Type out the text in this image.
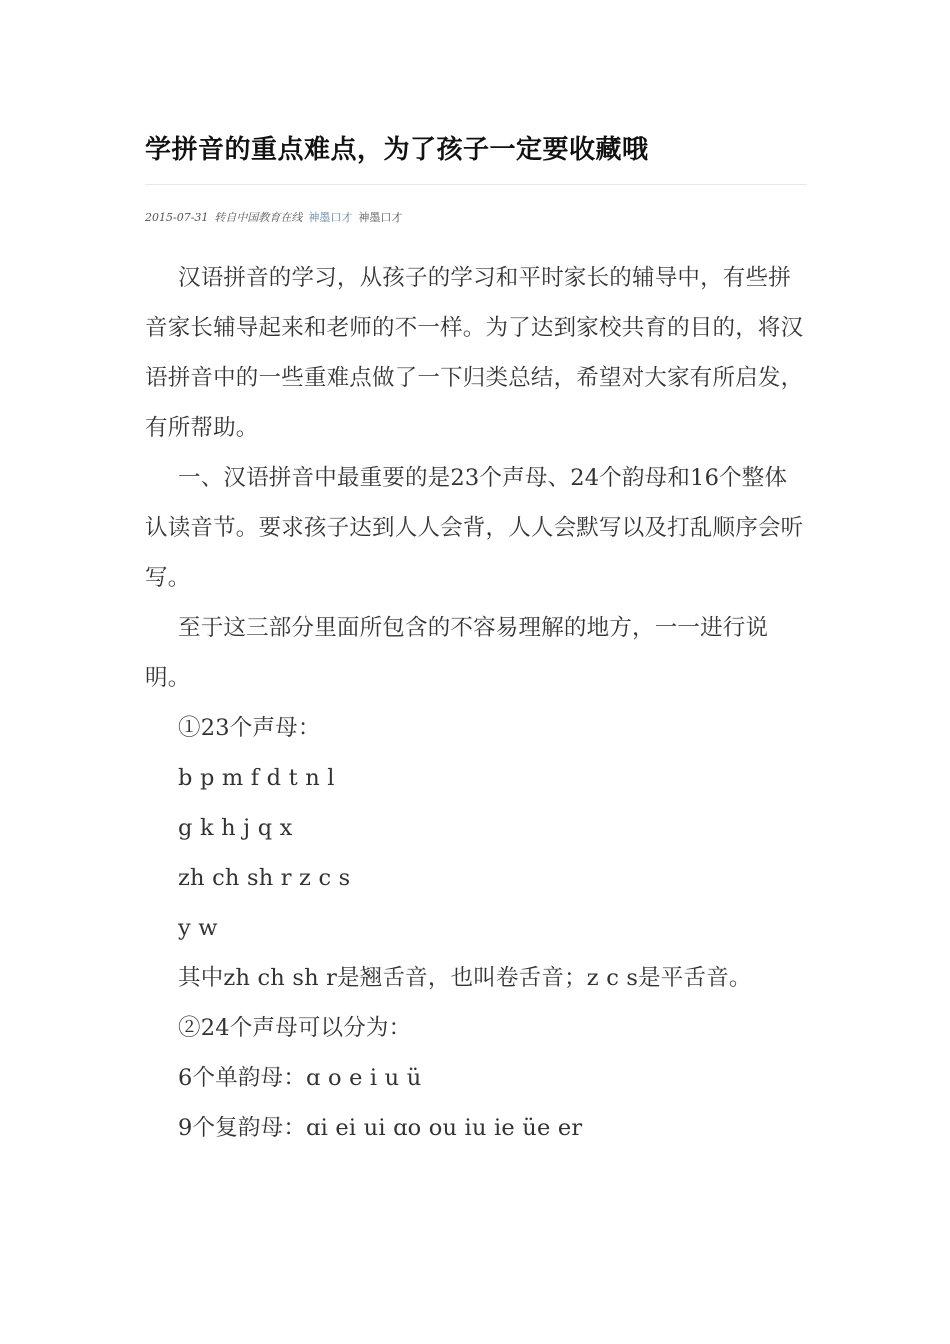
学拼音的重点难点，为了孩子一定要收藏哦
2015-07-31 转自中国教育在线 神墨口才 神墨口才

汉语拼音的学习，从孩子的学习和平时家长的辅导中，有些拼音家长辅导起来和老师的不一样。为了达到家校共育的目的，将汉语拼音中的一些重难点做了一下归类总结，希望对大家有所启发，有所帮助。

一、汉语拼音中最重要的是23个声母、24个韵母和16个整体认读音节。要求孩子达到人人会背，人人会默写以及打乱顺序会听写。

至于这三部分里面所包含的不容易理解的地方，一一进行说明。

①23个声母：

b p m f d t n l

g k h j q x

zh ch sh r z c s

y w

其中zh ch sh r是翘舌音，也叫卷舌音；z c s是平舌音。

②24个声母可以分为：

6个单韵母：ɑ o e i u ü

9个复韵母：ɑi ei ui ɑo ou iu ie üe er
